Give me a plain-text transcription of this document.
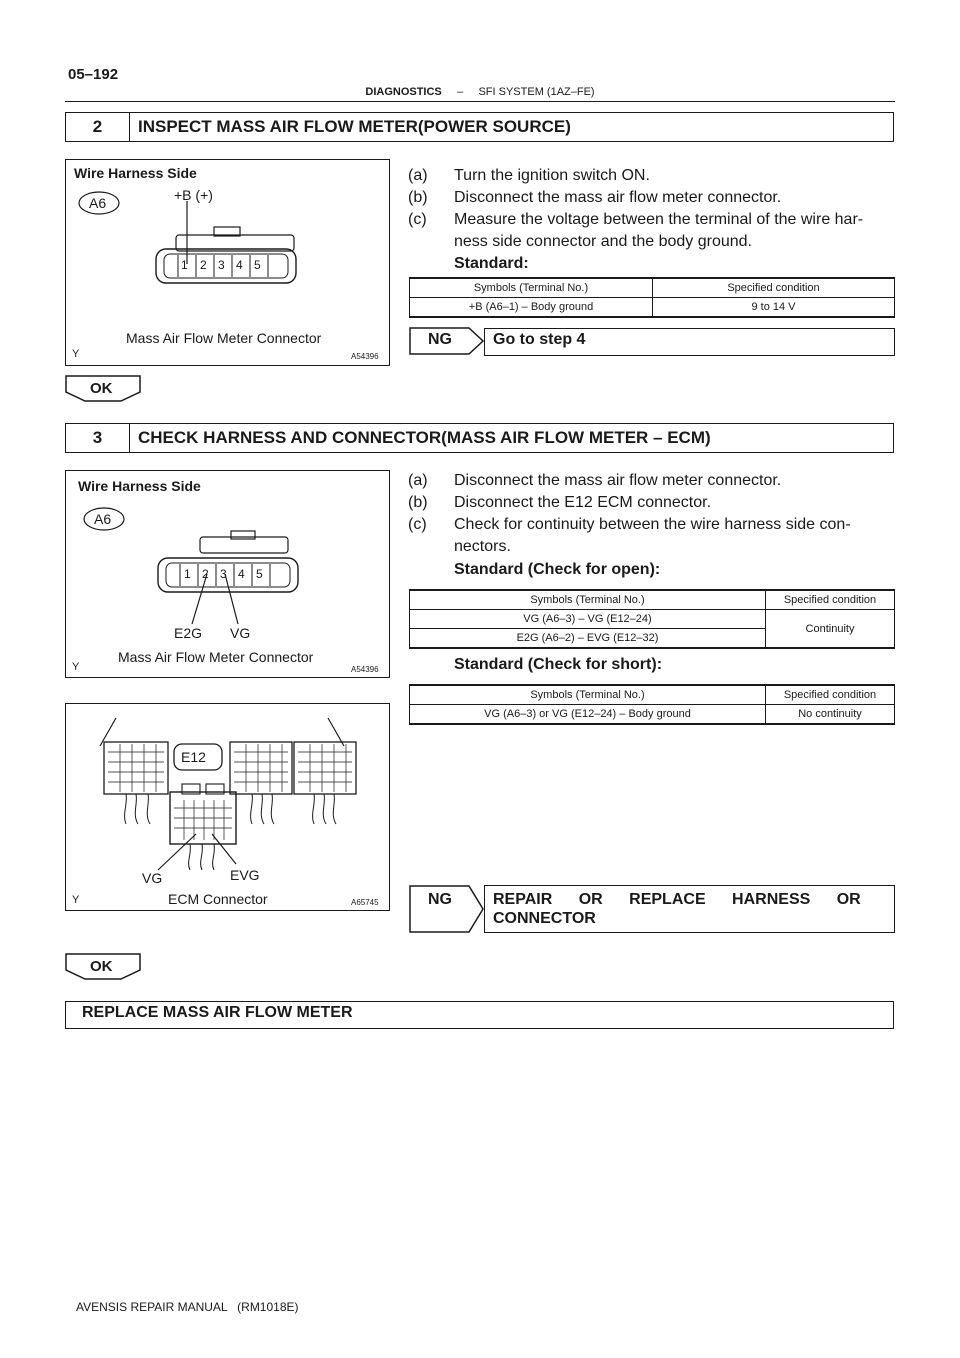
05–192
DIAGNOSTICS – SFI SYSTEM (1AZ–FE)
2	INSPECT MASS AIR FLOW METER(POWER SOURCE)
Wire Harness Side
+B (+)
A6
1 2 3 4 5
Mass Air Flow Meter Connector
Y	A54396
(a) Turn the ignition switch ON.
(b) Disconnect the mass air flow meter connector.
(c) Measure the voltage between the terminal of the wire har-
ness side connector and the body ground.
Standard:
Symbols (Terminal No.)	Specified condition
+B (A6–1) – Body ground	9 to 14 V
NG	Go to step 4
OK
3	CHECK HARNESS AND CONNECTOR(MASS AIR FLOW METER – ECM)
Wire Harness Side
A6
1 2 3 4 5
E2G VG
Mass Air Flow Meter Connector
Y	A54396
E12
VG	EVG
ECM Connector
Y	A65745
(a) Disconnect the mass air flow meter connector.
(b) Disconnect the E12 ECM connector.
(c) Check for continuity between the wire harness side con-
nectors.
Standard (Check for open):
Symbols (Terminal No.)	Specified condition
VG (A6–3) – VG (E12–24)	Continuity
E2G (A6–2) – EVG (E12–32)	
Standard (Check for short):
Symbols (Terminal No.)	Specified condition
VG (A6–3) or VG (E12–24) – Body ground	No continuity
NG	REPAIR OR REPLACE HARNESS OR
CONNECTOR
OK
REPLACE MASS AIR FLOW METER
AVENSIS REPAIR MANUAL   (RM1018E)
